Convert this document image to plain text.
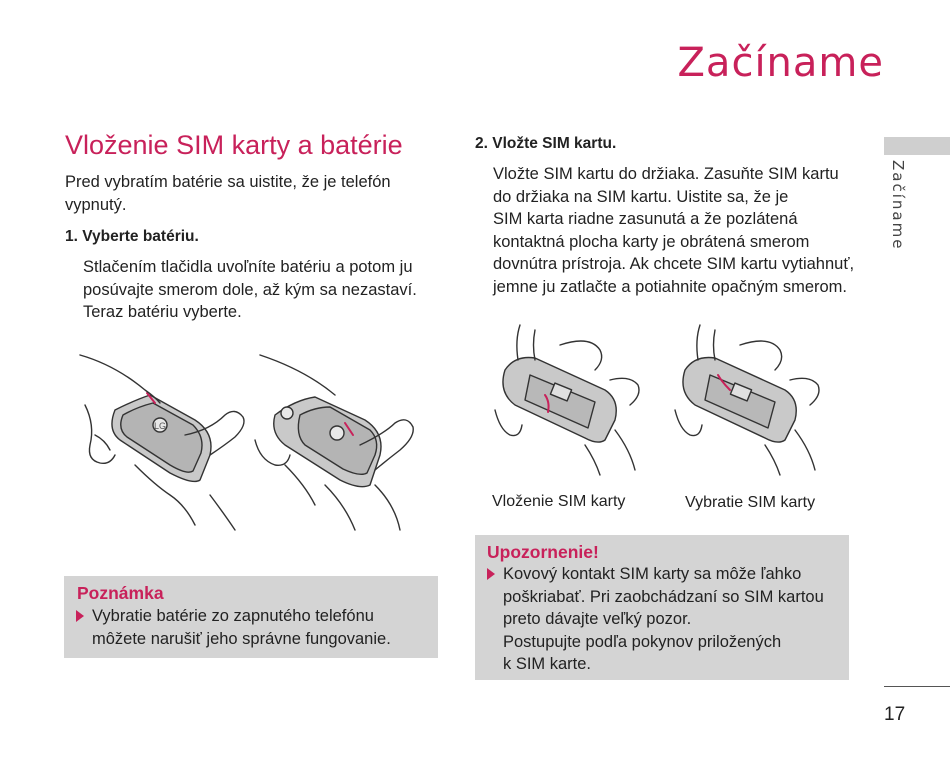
Začíname
Začíname
Vloženie SIM karty a batérie
Pred vybratím batérie sa uistite, že je telefón
vypnutý.
1. Vyberte batériu.
Stlačením tlačidla uvoľníte batériu a potom ju
posúvajte smerom dole, až kým sa nezastaví.
Teraz batériu vyberte.
LG
Poznámka
Vybratie batérie zo zapnutého telefónu
môžete narušiť jeho správne fungovanie.
2. Vložte SIM kartu.
Vložte SIM kartu do držiaka. Zasuňte SIM kartu
do držiaka na SIM kartu. Uistite sa, že je
SIM karta riadne zasunutá a že pozlátená
kontaktná plocha karty je obrátená smerom
dovnútra prístroja. Ak chcete SIM kartu vytiahnuť,
jemne ju zatlačte a potiahnite opačným smerom.
Vloženie SIM karty	Vybratie SIM karty
Upozornenie!
Kovový kontakt SIM karty sa môže ľahko
poškriabať. Pri zaobchádzaní so SIM kartou
preto dávajte veľký pozor.
Postupujte podľa pokynov priložených
k SIM karte.
17
